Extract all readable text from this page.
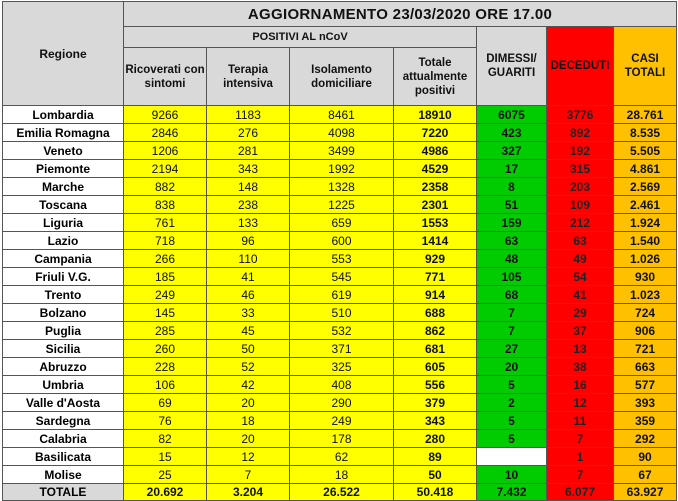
Regione	AGGIORNAMENTO 23/03/2020 ORE 17.00						
	POSITIVI AL nCoV				DIMESSI/ GUARITI	DECEDUTI	CASI TOTALI
	Ricoverati con sintomi	Terapia intensiva	Isolamento domiciliare	Totale attualmente positivi			
Lombardia	9266	1183	8461	18910	6075	3776	28.761
Emilia Romagna	2846	276	4098	7220	423	892	8.535
Veneto	1206	281	3499	4986	327	192	5.505
Piemonte	2194	343	1992	4529	17	315	4.861
Marche	882	148	1328	2358	8	203	2.569
Toscana	838	238	1225	2301	51	109	2.461
Liguria	761	133	659	1553	159	212	1.924
Lazio	718	96	600	1414	63	63	1.540
Campania	266	110	553	929	48	49	1.026
Friuli V.G.	185	41	545	771	105	54	930
Trento	249	46	619	914	68	41	1.023
Bolzano	145	33	510	688	7	29	724
Puglia	285	45	532	862	7	37	906
Sicilia	260	50	371	681	27	13	721
Abruzzo	228	52	325	605	20	38	663
Umbria	106	42	408	556	5	16	577
Valle d'Aosta	69	20	290	379	2	12	393
Sardegna	76	18	249	343	5	11	359
Calabria	82	20	178	280	5	7	292
Basilicata	15	12	62	89		1	90
Molise	25	7	18	50	10	7	67
TOTALE	20.692	3.204	26.522	50.418	7.432	6.077	63.927
